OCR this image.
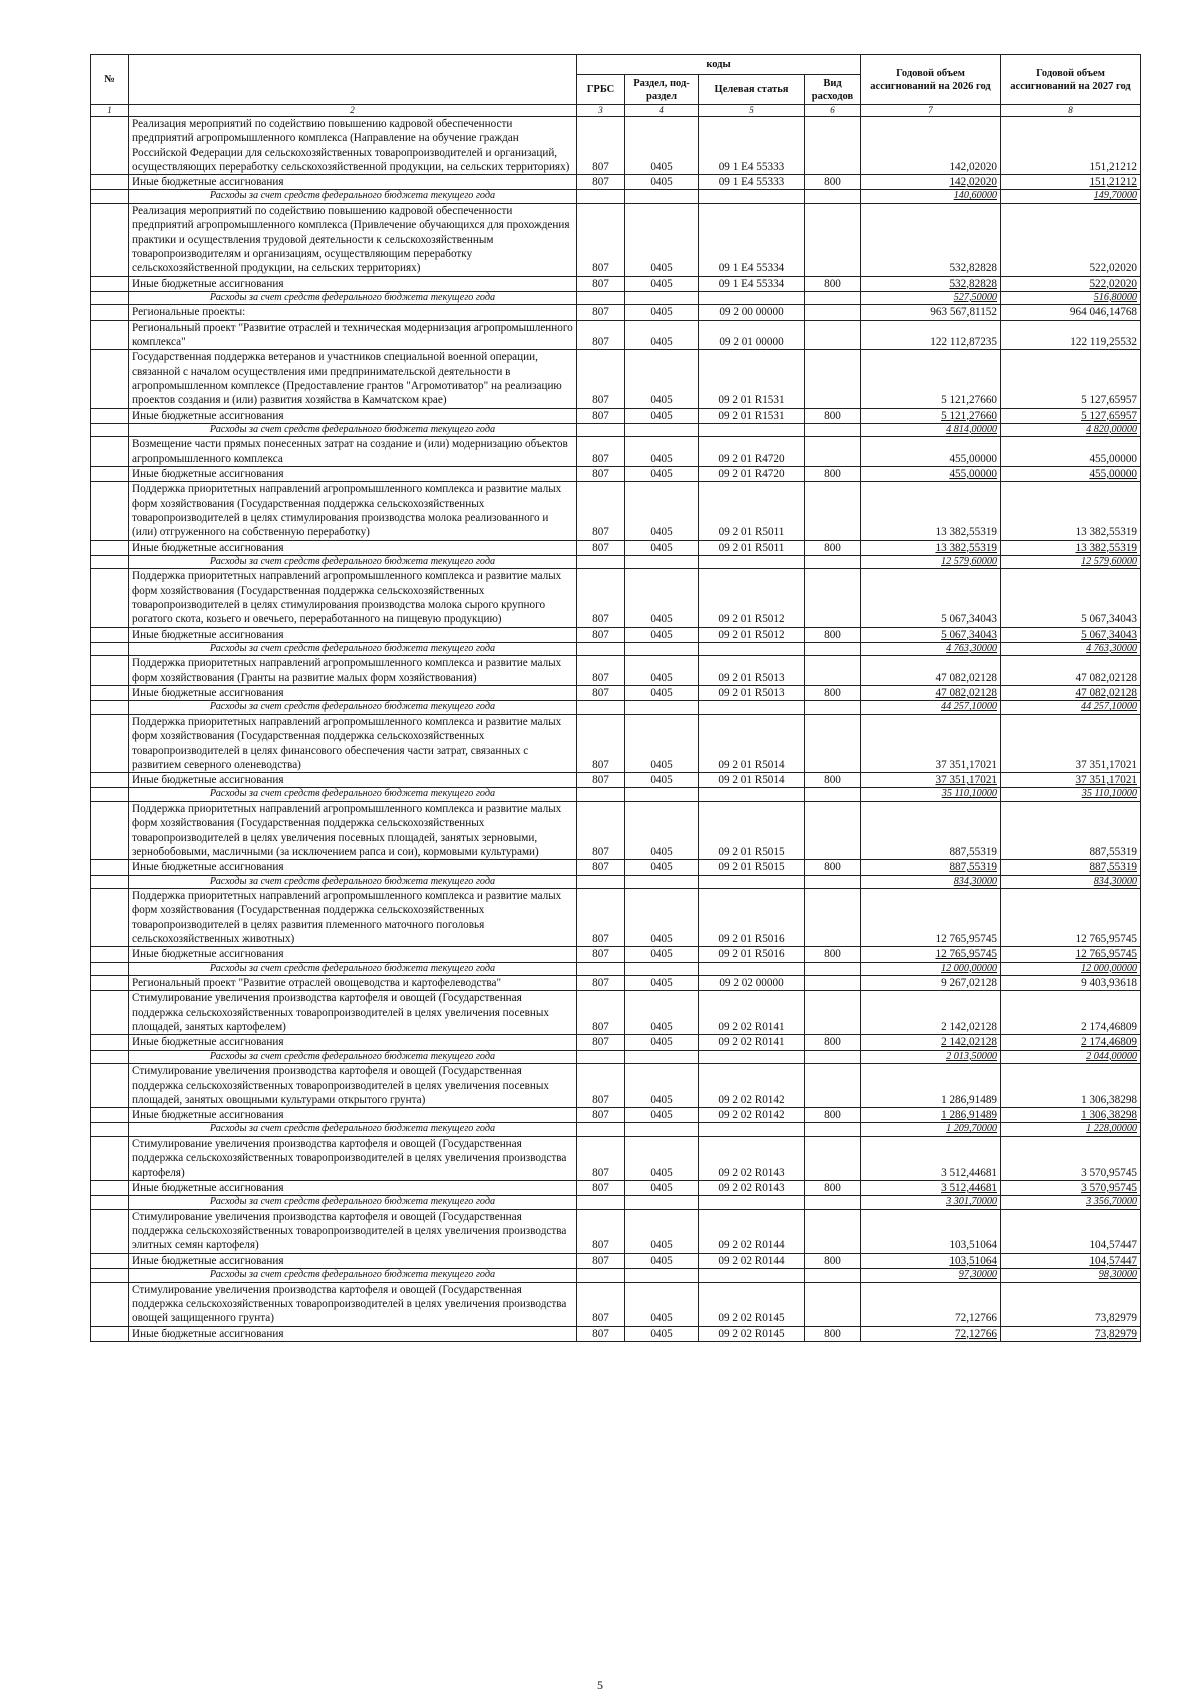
№		коды				Годовой объем ассигнований на 2026 год	Годовой объем ассигнований на 2027 год
		ГРБС	Раздел, под-раздел	Целевая статья	Вид расходов		
1	2	3	4	5	6	7	8
	Реализация мероприятий по содействию повышению кадровой обеспеченности предприятий агропромышленного комплекса (Направление на обучение граждан Российской Федерации для сельскохозяйственных товаропроизводителей и организаций, осуществляющих переработку сельскохозяйственной продукции, на сельских территориях)	807	0405	09 1 Е4 55333		142,02020	151,21212
	Иные бюджетные ассигнования	807	0405	09 1 Е4 55333	800	142,02020	151,21212
	Расходы за счет средств федерального бюджета текущего года					140,60000	149,70000
	Реализация мероприятий по содействию повышению кадровой обеспеченности предприятий агропромышленного комплекса (Привлечение обучающихся для прохождения практики и осуществления трудовой деятельности к сельскохозяйственным товаропроизводителям и организациям, осуществляющим переработку сельскохозяйственной продукции, на сельских территориях)	807	0405	09 1 Е4 55334		532,82828	522,02020
	Иные бюджетные ассигнования	807	0405	09 1 Е4 55334	800	532,82828	522,02020
	Расходы за счет средств федерального бюджета текущего года					527,50000	516,80000
	Региональные проекты:	807	0405	09 2 00 00000		963 567,81152	964 046,14768
	Региональный проект "Развитие отраслей и техническая модернизация агропромышленного комплекса"	807	0405	09 2 01 00000		122 112,87235	122 119,25532
	Государственная поддержка ветеранов и участников специальной военной операции, связанной с началом осуществления ими предпринимательской деятельности в агропромышленном комплексе (Предоставление грантов "Агромотиватор" на реализацию проектов создания и (или) развития хозяйства в Камчатском крае)	807	0405	09 2 01 R1531		5 121,27660	5 127,65957
	Иные бюджетные ассигнования	807	0405	09 2 01 R1531	800	5 121,27660	5 127,65957
	Расходы за счет средств федерального бюджета текущего года					4 814,00000	4 820,00000
	Возмещение части прямых понесенных затрат на создание и (или) модернизацию объектов агропромышленного комплекса	807	0405	09 2 01 R4720		455,00000	455,00000
	Иные бюджетные ассигнования	807	0405	09 2 01 R4720	800	455,00000	455,00000
	Поддержка приоритетных направлений агропромышленного комплекса и развитие малых форм хозяйствования (Государственная поддержка сельскохозяйственных товаропроизводителей в целях стимулирования производства молока реализованного и (или) отгруженного на собственную переработку)	807	0405	09 2 01 R5011		13 382,55319	13 382,55319
	Иные бюджетные ассигнования	807	0405	09 2 01 R5011	800	13 382,55319	13 382,55319
	Расходы за счет средств федерального бюджета текущего года					12 579,60000	12 579,60000
	Поддержка приоритетных направлений агропромышленного комплекса и развитие малых форм хозяйствования (Государственная поддержка сельскохозяйственных товаропроизводителей в целях стимулирования производства молока сырого крупного рогатого скота, козьего и овечьего, переработанного на пищевую продукцию)	807	0405	09 2 01 R5012		5 067,34043	5 067,34043
	Иные бюджетные ассигнования	807	0405	09 2 01 R5012	800	5 067,34043	5 067,34043
	Расходы за счет средств федерального бюджета текущего года					4 763,30000	4 763,30000
	Поддержка приоритетных направлений агропромышленного комплекса и развитие малых форм хозяйствования (Гранты на развитие малых форм хозяйствования)	807	0405	09 2 01 R5013		47 082,02128	47 082,02128
	Иные бюджетные ассигнования	807	0405	09 2 01 R5013	800	47 082,02128	47 082,02128
	Расходы за счет средств федерального бюджета текущего года					44 257,10000	44 257,10000
	Поддержка приоритетных направлений агропромышленного комплекса и развитие малых форм хозяйствования (Государственная поддержка сельскохозяйственных товаропроизводителей в целях финансового обеспечения части затрат, связанных с развитием северного оленеводства)	807	0405	09 2 01 R5014		37 351,17021	37 351,17021
	Иные бюджетные ассигнования	807	0405	09 2 01 R5014	800	37 351,17021	37 351,17021
	Расходы за счет средств федерального бюджета текущего года					35 110,10000	35 110,10000
	Поддержка приоритетных направлений агропромышленного комплекса и развитие малых форм хозяйствования (Государственная поддержка сельскохозяйственных товаропроизводителей в целях увеличения посевных площадей, занятых зерновыми, зернобобовыми, масличными (за исключением рапса и сои), кормовыми культурами)	807	0405	09 2 01 R5015		887,55319	887,55319
	Иные бюджетные ассигнования	807	0405	09 2 01 R5015	800	887,55319	887,55319
	Расходы за счет средств федерального бюджета текущего года					834,30000	834,30000
	Поддержка приоритетных направлений агропромышленного комплекса и развитие малых форм хозяйствования (Государственная поддержка сельскохозяйственных товаропроизводителей в целях развития племенного маточного поголовья сельскохозяйственных животных)	807	0405	09 2 01 R5016		12 765,95745	12 765,95745
	Иные бюджетные ассигнования	807	0405	09 2 01 R5016	800	12 765,95745	12 765,95745
	Расходы за счет средств федерального бюджета текущего года					12 000,00000	12 000,00000
	Региональный проект "Развитие отраслей овощеводства и картофелеводства"	807	0405	09 2 02 00000		9 267,02128	9 403,93618
	Стимулирование увеличения производства картофеля и овощей (Государственная поддержка сельскохозяйственных товаропроизводителей в целях увеличения посевных площадей, занятых картофелем)	807	0405	09 2 02 R0141		2 142,02128	2 174,46809
	Иные бюджетные ассигнования	807	0405	09 2 02 R0141	800	2 142,02128	2 174,46809
	Расходы за счет средств федерального бюджета текущего года					2 013,50000	2 044,00000
	Стимулирование увеличения производства картофеля и овощей (Государственная поддержка сельскохозяйственных товаропроизводителей в целях увеличения посевных площадей, занятых овощными культурами открытого грунта)	807	0405	09 2 02 R0142		1 286,91489	1 306,38298
	Иные бюджетные ассигнования	807	0405	09 2 02 R0142	800	1 286,91489	1 306,38298
	Расходы за счет средств федерального бюджета текущего года					1 209,70000	1 228,00000
	Стимулирование увеличения производства картофеля и овощей (Государственная поддержка сельскохозяйственных товаропроизводителей в целях увеличения производства картофеля)	807	0405	09 2 02 R0143		3 512,44681	3 570,95745
	Иные бюджетные ассигнования	807	0405	09 2 02 R0143	800	3 512,44681	3 570,95745
	Расходы за счет средств федерального бюджета текущего года					3 301,70000	3 356,70000
	Стимулирование увеличения производства картофеля и овощей (Государственная поддержка сельскохозяйственных товаропроизводителей в целях увеличения производства элитных семян картофеля)	807	0405	09 2 02 R0144		103,51064	104,57447
	Иные бюджетные ассигнования	807	0405	09 2 02 R0144	800	103,51064	104,57447
	Расходы за счет средств федерального бюджета текущего года					97,30000	98,30000
	Стимулирование увеличения производства картофеля и овощей (Государственная поддержка сельскохозяйственных товаропроизводителей в целях увеличения производства овощей защищенного грунта)	807	0405	09 2 02 R0145		72,12766	73,82979
	Иные бюджетные ассигнования	807	0405	09 2 02 R0145	800	72,12766	73,82979
5
